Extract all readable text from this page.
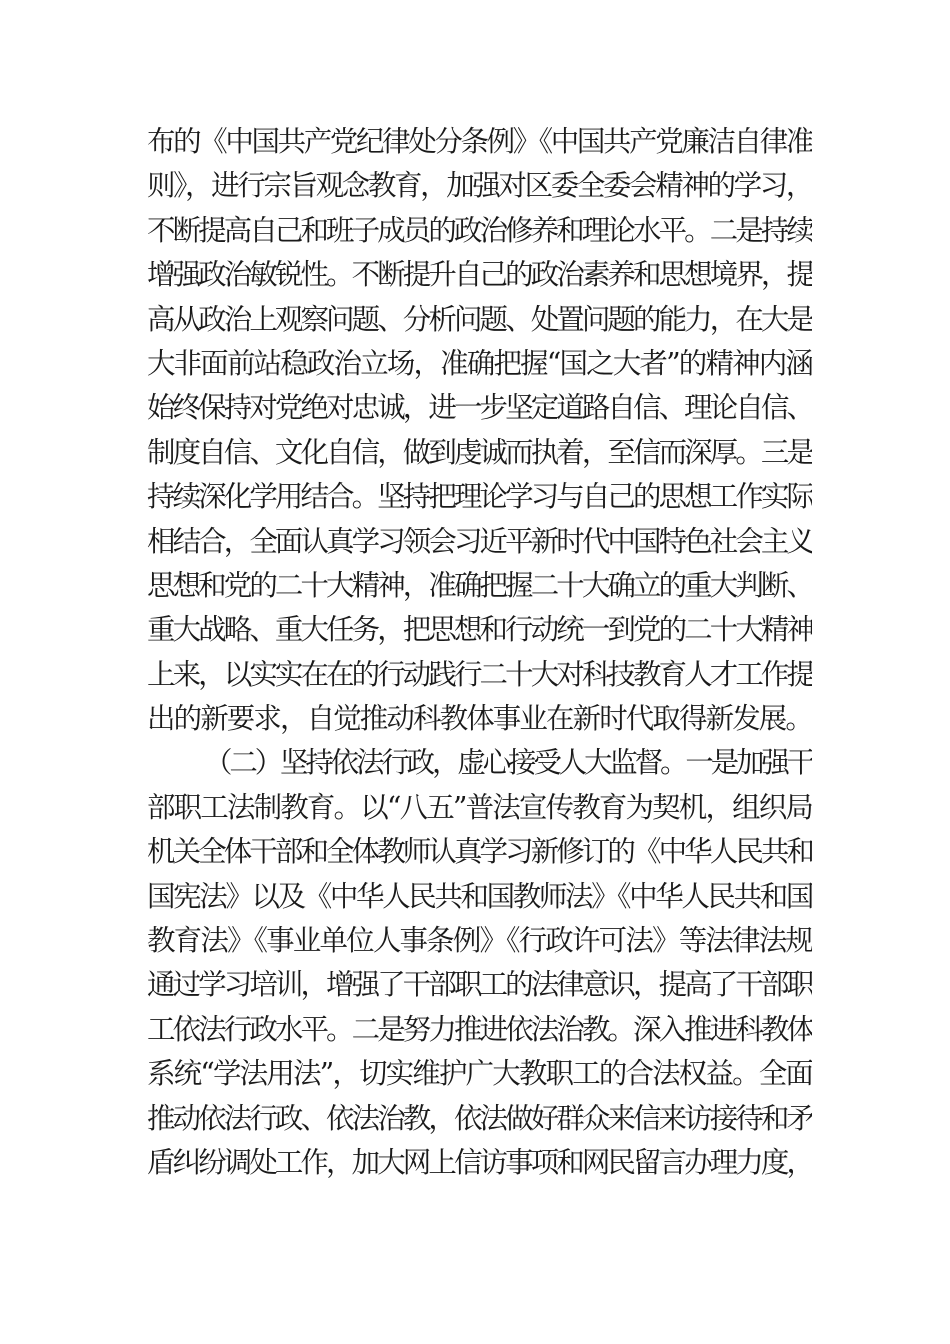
布的《中国共产党纪律处分条例》《中国共产党廉洁自律准
则》，进行宗旨观念教育，加强对区委全委会精神的学习，
不断提高自己和班子成员的政治修养和理论水平。二是持续
增强政治敏锐性。不断提升自己的政治素养和思想境界，提
高从政治上观察问题、分析问题、处置问题的能力，在大是
大非面前站稳政治立场，准确把握“国之大者”的精神内涵
始终保持对党绝对忠诚，进一步坚定道路自信、理论自信、
制度自信、文化自信，做到虔诚而执着，至信而深厚。三是
持续深化学用结合。坚持把理论学习与自己的思想工作实际
相结合，全面认真学习领会习近平新时代中国特色社会主义
思想和党的二十大精神，准确把握二十大确立的重大判断、
重大战略、重大任务，把思想和行动统一到党的二十大精神
上来，以实实在在的行动践行二十大对科技教育人才工作提
出的新要求，自觉推动科教体事业在新时代取得新发展。
（二）坚持依法行政，虚心接受人大监督。一是加强干
部职工法制教育。以“八五”普法宣传教育为契机，组织局
机关全体干部和全体教师认真学习新修订的《中华人民共和
国宪法》以及《中华人民共和国教师法》《中华人民共和国
教育法》《事业单位人事条例》《行政许可法》等法律法规
通过学习培训，增强了干部职工的法律意识，提高了干部职
工依法行政水平。二是努力推进依法治教。深入推进科教体
系统“学法用法”，切实维护广大教职工的合法权益。全面
推动依法行政、依法治教，依法做好群众来信来访接待和矛
盾纠纷调处工作，加大网上信访事项和网民留言办理力度，
